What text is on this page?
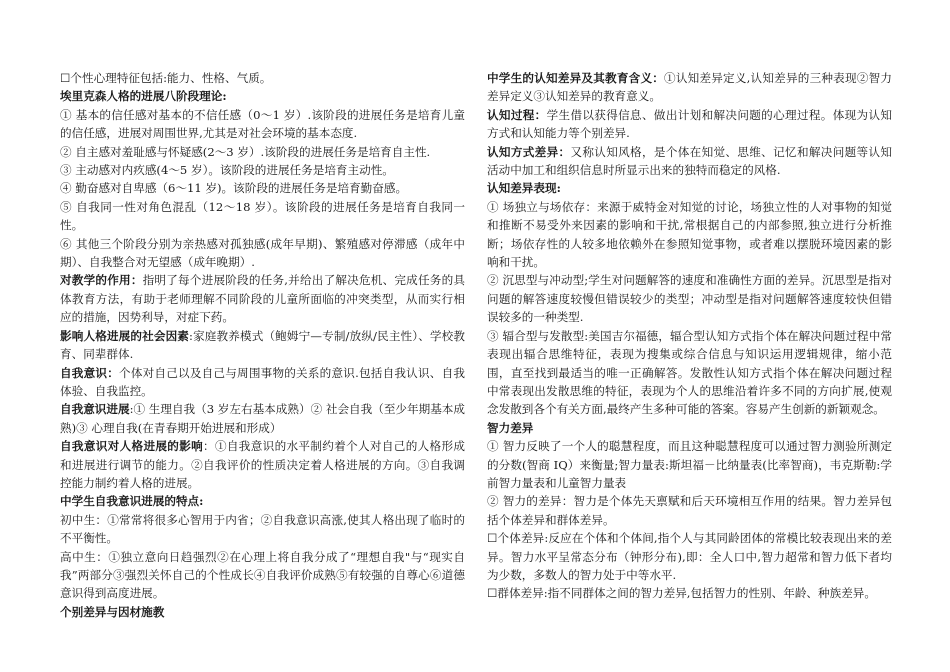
☐个性心理特征包括:能力、性格、气质。

埃里克森人格的进展八阶段理论:

① 基本的信任感对基本的不信任感（0～1 岁）.该阶段的进展任务是培育儿童的信任感，进展对周围世界,尤其是对社会环境的基本态度.

② 自主感对羞耻感与怀疑感(2～3 岁）.该阶段的进展任务是培育自主性.

③ 主动感对内疚感(4～5 岁）。该阶段的进展任务是培育主动性。

④ 勤奋感对自卑感（6～11 岁)。该阶段的进展任务是培育勤奋感。

⑤ 自我同一性对角色混乱（12～18 岁）。该阶段的进展任务是培育自我同一性。

⑥ 其他三个阶段分别为亲热感对孤独感(成年早期)、繁殖感对停滞感（成年中期）、自我整合对无望感（成年晚期）.

对教学的作用：指明了每个进展阶段的任务,并给出了解决危机、完成任务的具体教育方法，有助于老师理解不同阶段的儿童所面临的冲突类型，从而实行相应的措施，因势利导，对症下药。

影响人格进展的社会因素:家庭教养模式（鲍姆宁—专制/放纵/民主性）、学校教育、同辈群体.

自我意识：个体对自己以及自己与周围事物的关系的意识.包括自我认识、自我体验、自我监控。

自我意识进展:① 生理自我（3 岁左右基本成熟）② 社会自我（至少年期基本成熟)③ 心理自我(在青春期开始进展和形成）

自我意识对人格进展的影响：①自我意识的水平制约着个人对自己的人格形成和进展进行调节的能力。②自我评价的性质决定着人格进展的方向。③自我调控能力制约着人格的进展。

中学生自我意识进展的特点:

初中生：①常常将很多心智用于内省；②自我意识高涨,使其人格出现了临时的不平衡性。

高中生：①独立意向日趋强烈②在心理上将自我分成了“理想自我"与“现实自我”两部分③强烈关怀自己的个性成长④自我评价成熟⑤有较强的自尊心⑥道德意识得到高度进展。

个别差异与因材施教

中学生的认知差异及其教育含义：①认知差异定义,认知差异的三种表现②智力差异定义③认知差异的教育意义。

认知过程：学生借以获得信息、做出计划和解决问题的心理过程。体现为认知方式和认知能力等个别差异.

认知方式差异：又称认知风格，是个体在知觉、思维、记忆和解决问题等认知活动中加工和组织信息时所显示出来的独特而稳定的风格.

认知差异表现:

① 场独立与场依存：来源于威特金对知觉的讨论，场独立性的人对事物的知觉和推断不易受外来因素的影响和干扰,常根据自己的内部参照,独立进行分析推断；场依存性的人较多地依赖外在参照知觉事物，或者难以摆脱环境因素的影响和干扰。

② 沉思型与冲动型;学生对问题解答的速度和准确性方面的差异。沉思型是指对问题的解答速度较慢但错误较少的类型；冲动型是指对问题解答速度较快但错误较多的一种类型.

③ 辐合型与发散型:美国吉尔福德，辐合型认知方式指个体在解决问题过程中常表现出辐合思维特征，表现为搜集或综合信息与知识运用逻辑规律，缩小范围，直至找到最适当的唯一正确解答。发散性认知方式指个体在解决问题过程中常表现出发散思维的特征，表现为个人的思维沿着许多不同的方向扩展,使观念发散到各个有关方面,最终产生多种可能的答案。容易产生创新的新颖观念。

智力差异

① 智力反映了一个人的聪慧程度，而且这种聪慧程度可以通过智力测验所测定的分数(智商 IQ）来衡量;智力量表:斯坦福－比纳量表(比率智商)，韦克斯勒:学前智力量表和儿童智力量表

② 智力的差异：智力是个体先天禀赋和后天环境相互作用的结果。智力差异包括个体差异和群体差异。

☐个体差异:反应在个体和个体间,指个人与其同龄团体的常模比较表现出来的差异。智力水平呈常态分布（钟形分布),即：全人口中,智力超常和智力低下者均为少数，多数人的智力处于中等水平.

☐群体差异:指不同群体之间的智力差异,包括智力的性别、年龄、种族差异。
